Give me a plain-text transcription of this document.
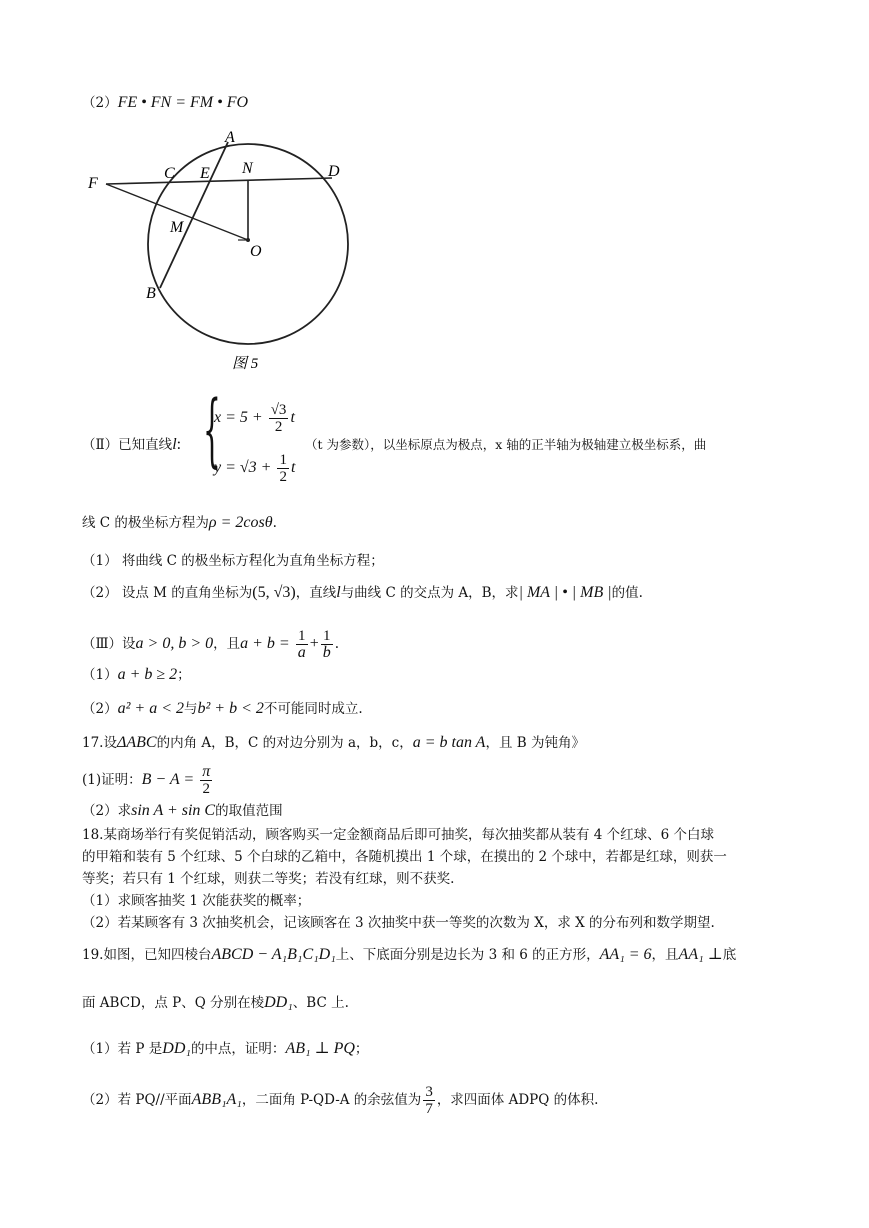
（2）FE • FN = FM • FO
A
C E N	D
F
M
O
B
图 5
（Ⅱ）已知直线l: {
$x = 5 + \frac{√3}{2}$ t
$y = √3 + \frac{1}{2}$ t
（t 为参数），以坐标原点为极点，x 轴的正半轴为极轴建立极坐标系，曲
线 C 的极坐标方程为ρ = 2cosθ.
（1） 将曲线 C 的极坐标方程化为直角坐标方程；
（2） 设点 M 的直角坐标为(5, √3)，直线l与曲线 C 的交点为 A，B，求| MA | • | MB |的值.
（Ⅲ）设a > 0, b > 0，且$a + b = \frac{1}{a} + \frac{1}{b}$ .
（1）a + b ≥ 2；
（2）a² + a < 2与b² + b < 2不可能同时成立.
17.设ΔABC的内角 A，B，C 的对边分别为 a，b，c，a = b tan A，且 B 为钝角》
(1)证明：$B - A = \frac{\pi}{2}$
（2）求sin A + sin C的取值范围
18.某商场举行有奖促销活动，顾客购买一定金额商品后即可抽奖，每次抽奖都从装有 4 个红球、6 个白球
的甲箱和装有 5 个红球、5 个白球的乙箱中，各随机摸出 1 个球，在摸出的 2 个球中，若都是红球，则获一
等奖；若只有 1 个红球，则获二等奖；若没有红球，则不获奖.
（1）求顾客抽奖 1 次能获奖的概率；
（2）若某顾客有 3 次抽奖机会，记该顾客在 3 次抽奖中获一等奖的次数为 X，求 X 的分布列和数学期望.
19.如图，已知四棱台ABCD − A₁B₁C₁D₁上、下底面分别是边长为 3 和 6 的正方形，AA₁ = 6，且AA₁ ⊥底
面 ABCD，点 P、Q 分别在棱DD₁、BC 上.
（1）若 P 是DD₁的中点，证明：AB₁ ⊥ PQ；
（2）若 PQ//平面ABB₁A₁，二面角 P-QD-A 的余弦值为 $\frac{3}{7}$ ，求四面体 ADPQ 的体积.
